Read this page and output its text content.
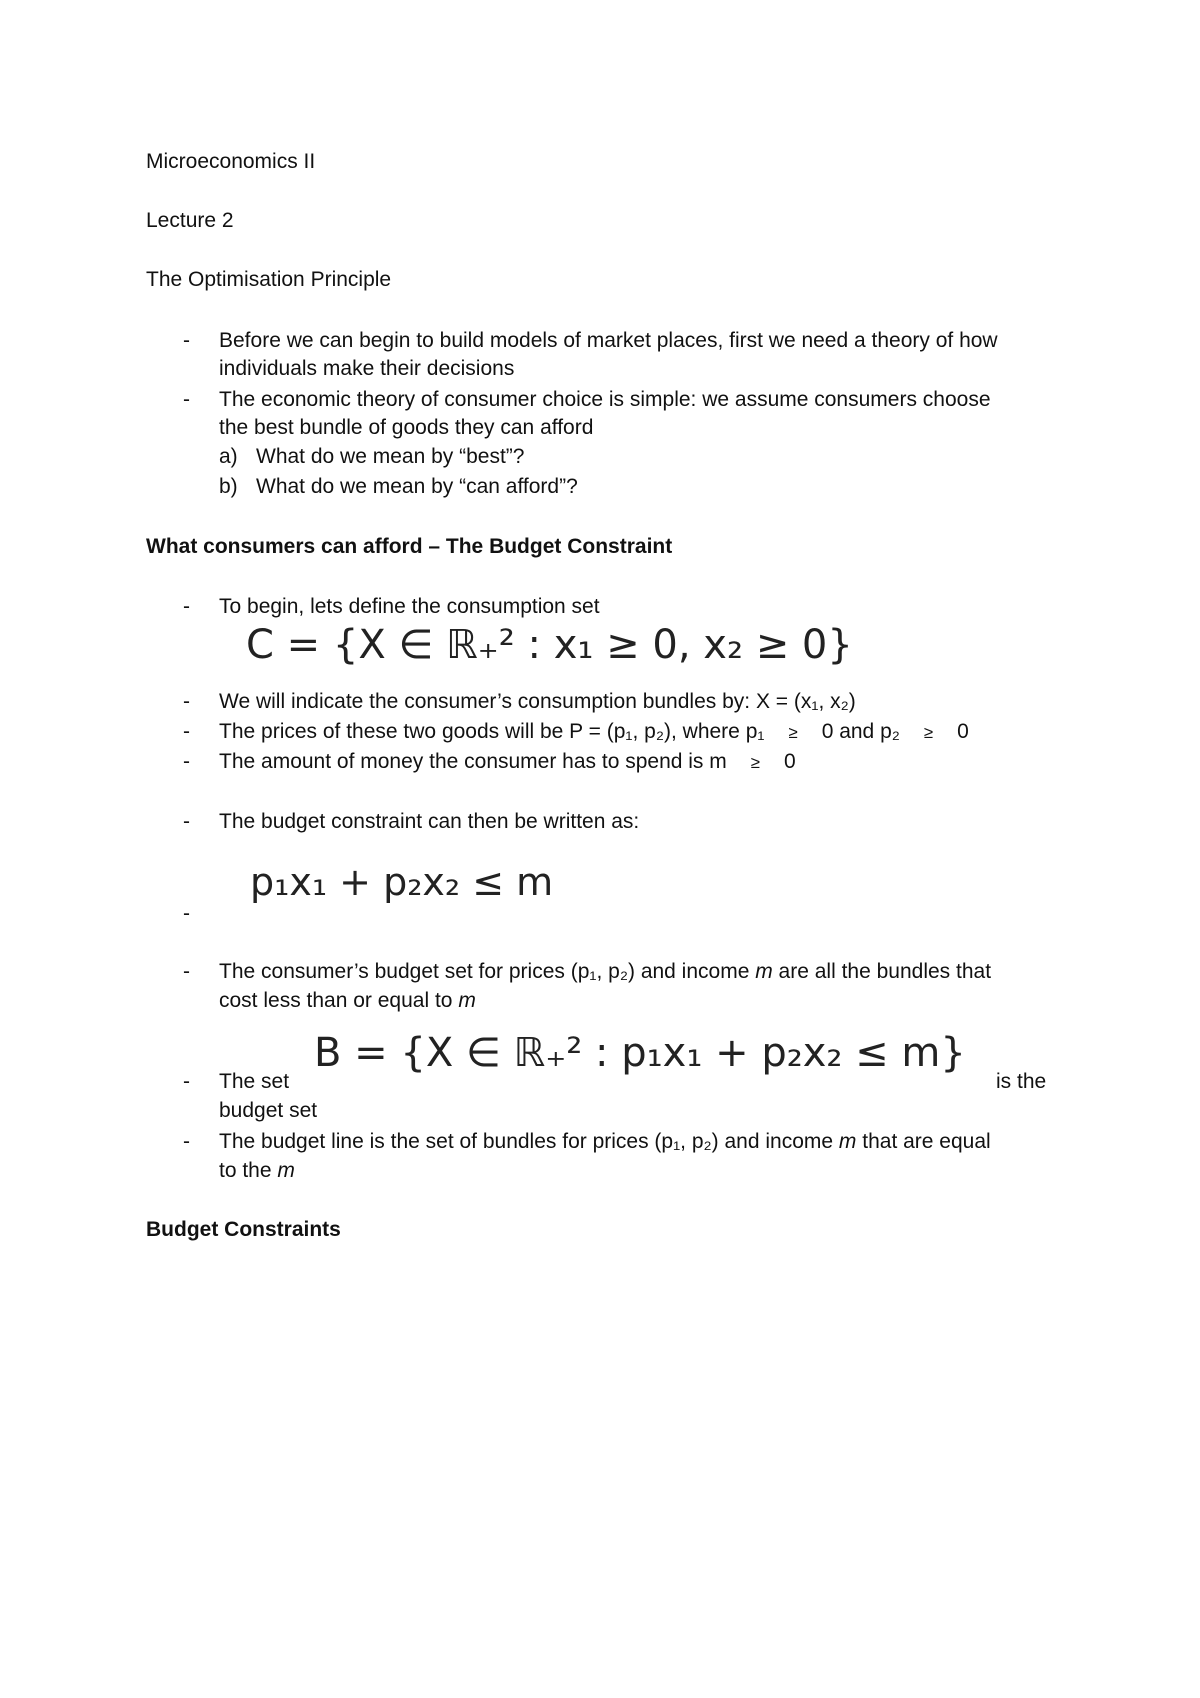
Microeconomics II
Lecture 2
The Optimisation Principle
- Before we can begin to build models of market places, first we need a theory of how
individuals make their decisions
- The economic theory of consumer choice is simple: we assume consumers choose
the best bundle of goods they can afford
a) What do we mean by “best”?
b) What do we mean by “can afford”?
What consumers can afford – The Budget Constraint
- To begin, lets define the consumption set
C = {X ∈ ℝ₊² : x₁ ≥ 0, x₂ ≥ 0}
- We will indicate the consumer’s consumption bundles by: X = (x₁, x₂)
- The prices of these two goods will be P = (p₁, p₂), where p₁ ≥ 0 and p₂ ≥ 0
- The amount of money the consumer has to spend is m ≥ 0
- The budget constraint can then be written as:
p₁x₁ + p₂x₂ ≤ m
-
- The consumer’s budget set for prices (p₁, p₂) and income m are all the bundles that
cost less than or equal to m
B = {X ∈ ℝ₊² : p₁x₁ + p₂x₂ ≤ m}
- The set	is the
budget set
- The budget line is the set of bundles for prices (p₁, p₂) and income m that are equal
to the m
Budget Constraints
